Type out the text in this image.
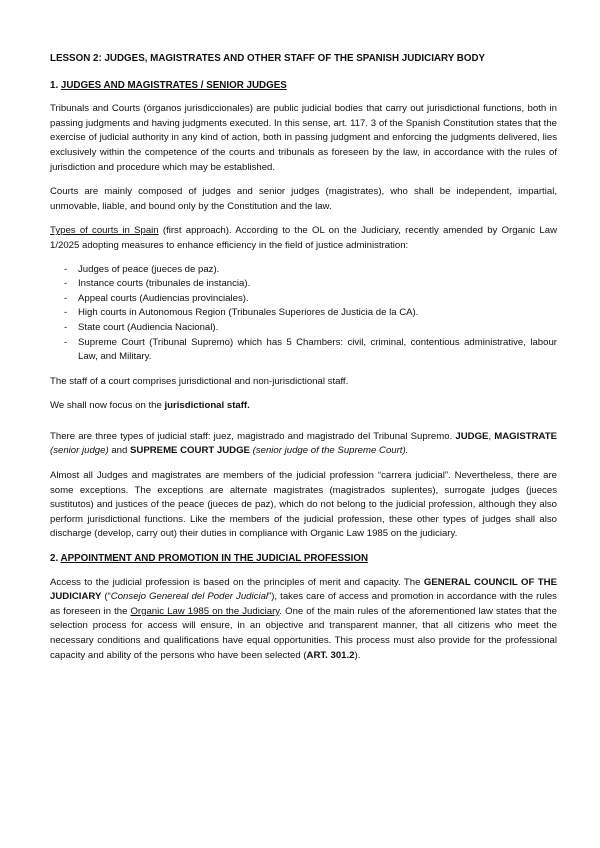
LESSON 2: JUDGES, MAGISTRATES AND OTHER STAFF OF THE SPANISH JUDICIARY BODY
1. JUDGES AND MAGISTRATES / SENIOR JUDGES

Tribunals and Courts (órganos jurisdiccionales) are public judicial bodies that carry out jurisdictional functions, both in passing judgments and having judgments executed. In this sense, art. 117. 3 of the Spanish Constitution states that the exercise of judicial authority in any kind of action, both in passing judgment and enforcing the judgments delivered, lies exclusively within the competence of the courts and tribunals as foreseen by the law, in accordance with the rules of jurisdiction and procedure which may be established.

Courts are mainly composed of judges and senior judges (magistrates), who shall be independent, impartial, unmovable, liable, and bound only by the Constitution and the law.

Types of courts in Spain (first approach). According to the OL on the Judiciary, recently amended by Organic Law 1/2025 adopting measures to enhance efficiency in the field of justice administration:

- Judges of peace (jueces de paz).
- Instance courts (tribunales de instancia).
- Appeal courts (Audiencias provinciales).
- High courts in Autonomous Region (Tribunales Superiores de Justicia de la CA).
- State court (Audiencia Nacional).
- Supreme Court (Tribunal Supremo) which has 5 Chambers: civil, criminal, contentious administrative, labour Law, and Military.

The staff of a court comprises jurisdictional and non-jurisdictional staff.

We shall now focus on the jurisdictional staff.

There are three types of judicial staff: juez, magistrado and magistrado del Tribunal Supremo. JUDGE, MAGISTRATE (senior judge) and SUPREME COURT JUDGE (senior judge of the Supreme Court).

Almost all Judges and magistrates are members of the judicial profession “carrera judicial”. Nevertheless, there are some exceptions. The exceptions are alternate magistrates (magistrados suplentes), surrogate judges (jueces sustitutos) and justices of the peace (jueces de paz), which do not belong to the judicial profession, although they also perform jurisdictional functions. Like the members of the judicial profession, these other types of judges shall also discharge (develop, carry out) their duties in compliance with Organic Law 1985 on the judiciary.

2. APPOINTMENT AND PROMOTION IN THE JUDICIAL PROFESSION

Access to the judicial profession is based on the principles of merit and capacity. The GENERAL COUNCIL OF THE JUDICIARY (“Consejo Genereal del Poder Judicial”), takes care of access and promotion in accordance with the rules as foreseen in the Organic Law 1985 on the Judiciary. One of the main rules of the aforementioned law states that the selection process for access will ensure, in an objective and transparent manner, that all citizens who meet the necessary conditions and qualifications have equal opportunities. This process must also provide for the professional capacity and ability of the persons who have been selected (ART. 301.2).
